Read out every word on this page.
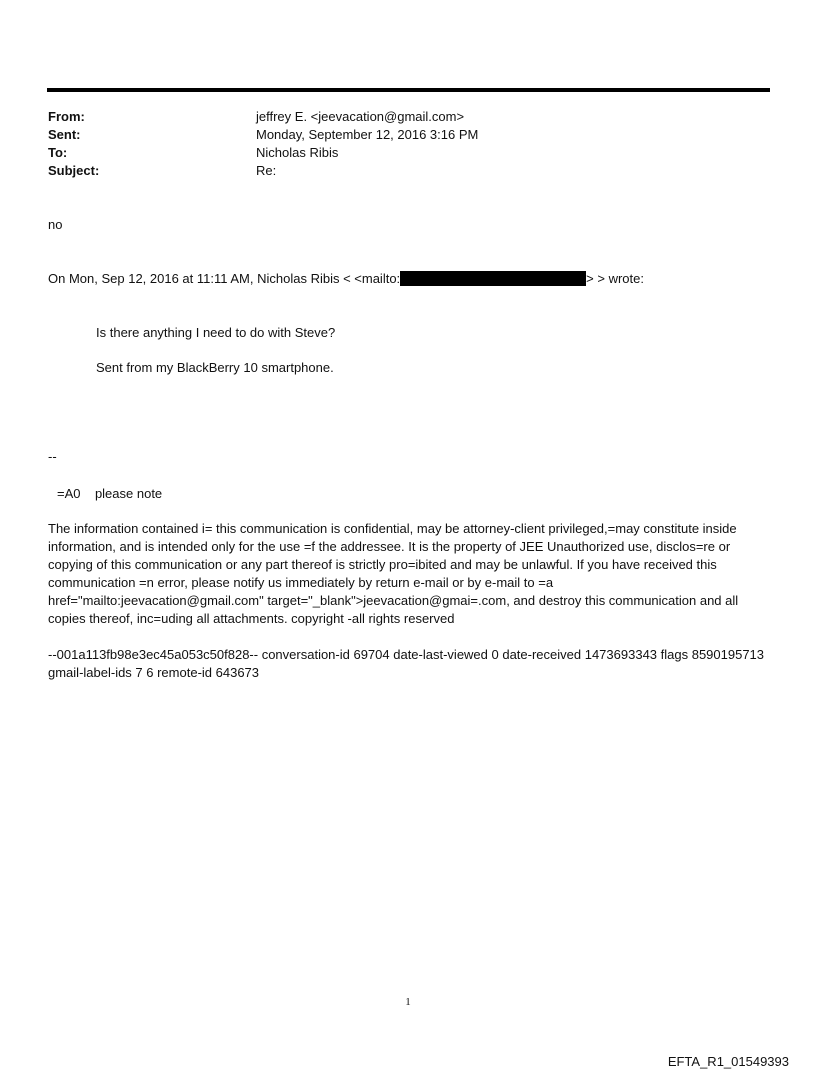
From:	jeffrey E. <jeevacation@gmail.com>
Sent:	Monday, September 12, 2016 3:16 PM
To:	Nicholas Ribis
Subject:	Re:
no
On Mon, Sep 12, 2016 at 11:11 AM, Nicholas Ribis < <mailto:	> > wrote:
Is there anything I need to do with Steve?
Sent from my BlackBerry 10 smartphone.
--
=A0    please note
The information contained i= this communication is confidential, may be attorney-client privileged,=may constitute inside information, and is intended only for the use =f the addressee. It is the property of JEE Unauthorized use, disclos=re or copying of this communication or any part thereof is strictly pro=ibited and may be unlawful. If you have received this communication =n error, please notify us immediately by return e-mail or by e-mail to =a href="mailto:jeevacation@gmail.com" target="_blank">jeevacation@gmai=.com, and destroy this communication and all copies thereof, inc=uding all attachments. copyright -all rights reserved
--001a113fb98e3ec45a053c50f828-- conversation-id 69704 date-last-viewed 0 date-received 1473693343 flags 8590195713 gmail-label-ids 7 6 remote-id 643673
1
EFTA_R1_01549393
